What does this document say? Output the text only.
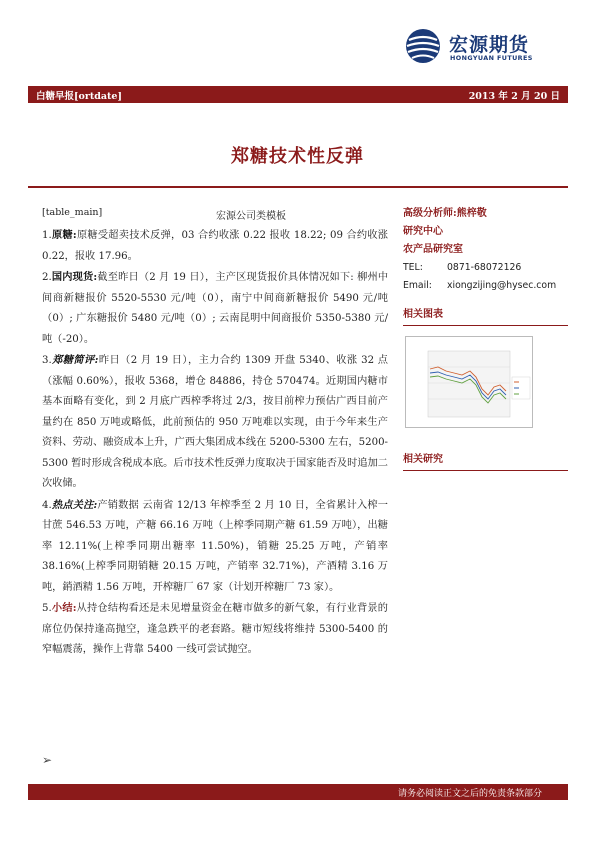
宏源期货
HONGYUAN FUTURES
白糖早报[ortdate]	2013 年 2 月 20 日
郑糖技术性反弹
[table_main]	宏源公司类模板

1.原糖:原糖受超卖技术反弹，03 合约收涨 0.22 报收 18.22; 09 合约收涨 0.22，报收 17.96。

2.国内现货:截至昨日（2 月 19 日），主产区现货报价具体情况如下: 柳州中间商新糖报价 5520-5530 元/吨（0），南宁中间商新糖报价 5490 元/吨（0）; 广东糖报价 5480 元/吨（0）; 云南昆明中间商报价 5350-5380 元/吨（-20）。

3.郑糖简评:昨日（2 月 19 日），主力合约 1309 开盘 5340、收涨 32 点（涨幅 0.60%），报收 5368，增仓 84886，持仓 570474。近期国内糖市基本面略有变化，到 2 月底广西榨季将过 2/3，按目前榨力预估广西目前产量约在 850 万吨或略低，此前预估的 950 万吨难以实现，由于今年来生产资料、劳动、融资成本上升，广西大集团成本线在 5200-5300 左右，5200-5300 暂时形成含税成本底。后市技术性反弹力度取决于国家能否及时追加二次收储。

4.热点关注:产销数据 云南省 12/13 年榨季至 2 月 10 日，全省累计入榨一甘蔗 546.53 万吨，产糖 66.16 万吨（上榨季同期产糖 61.59 万吨），出糖率 12.11%(上榨季同期出糖率 11.50%)，销糖 25.25 万吨，产销率 38.16%(上榨季同期销糖 20.15 万吨，产销率 32.71%)，产酒精 3.16 万吨，銷酒精 1.56 万吨，开榨糖厂 67 家（计划开榨糖厂 73 家）。

5.小结:从持仓结构看还是未见增量资金在糖市做多的新气象，有行业背景的席位仍保持逢高抛空，逢急跌平的老套路。糖市短线将维持 5300-5400 的窄幅震荡，操作上背靠 5400 一线可尝试抛空。

高级分析师:熊梓敬
研究中心
农产品研究室
TEL:	0871-68072126
Email: xiongzijing@hysec.com
相关图表
相关研究
➢
请务必阅读正文之后的免责条款部分
